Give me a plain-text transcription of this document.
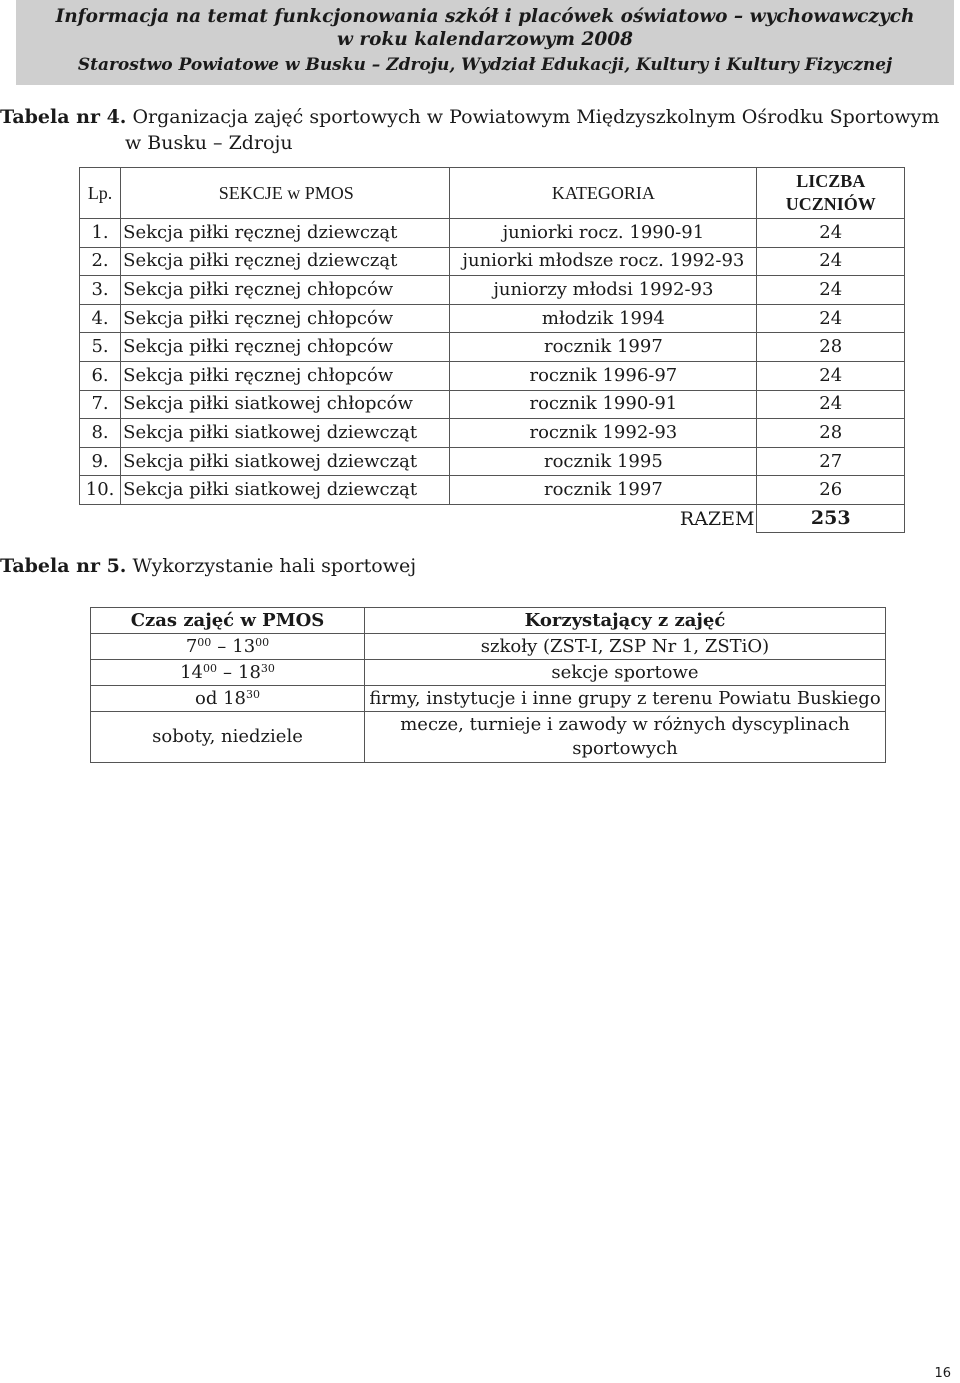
Informacja na temat funkcjonowania szkół i placówek oświatowo – wychowawczych
w roku kalendarzowym 2008
Starostwo Powiatowe w Busku – Zdroju, Wydział Edukacji, Kultury i Kultury Fizycznej
Tabela nr 4. Organizacja zajęć sportowych w Powiatowym Międzyszkolnym Ośrodku Sportowym
w Busku – Zdroju
Lp.	SEKCJE w PMOS	KATEGORIA	LICZBA
UCZNIÓW
1.	Sekcja piłki ręcznej dziewcząt	juniorki rocz. 1990-91	24
2.	Sekcja piłki ręcznej dziewcząt	juniorki młodsze rocz. 1992-93	24
3.	Sekcja piłki ręcznej chłopców	juniorzy młodsi 1992-93	24
4.	Sekcja piłki ręcznej chłopców	młodzik 1994	24
5.	Sekcja piłki ręcznej chłopców	rocznik 1997	28
6.	Sekcja piłki ręcznej chłopców	rocznik 1996-97	24
7.	Sekcja piłki siatkowej chłopców	rocznik 1990-91	24
8.	Sekcja piłki siatkowej dziewcząt	rocznik 1992-93	28
9.	Sekcja piłki siatkowej dziewcząt	rocznik 1995	27
10.	Sekcja piłki siatkowej dziewcząt	rocznik 1997	26
		RAZEM	253
Tabela nr 5. Wykorzystanie hali sportowej
Czas zajęć w PMOS	Korzystający z zajęć
$7^{00} - 13^{00}$	szkoły (ZST-I, ZSP Nr 1, ZSTiO)
$14^{00} - 18^{30}$	sekcje sportowe
od $18^{30}$	firmy, instytucje i inne grupy z terenu Powiatu Buskiego
soboty, niedziele	mecze, turnieje i zawody w różnych dyscyplinach sportowych
16
